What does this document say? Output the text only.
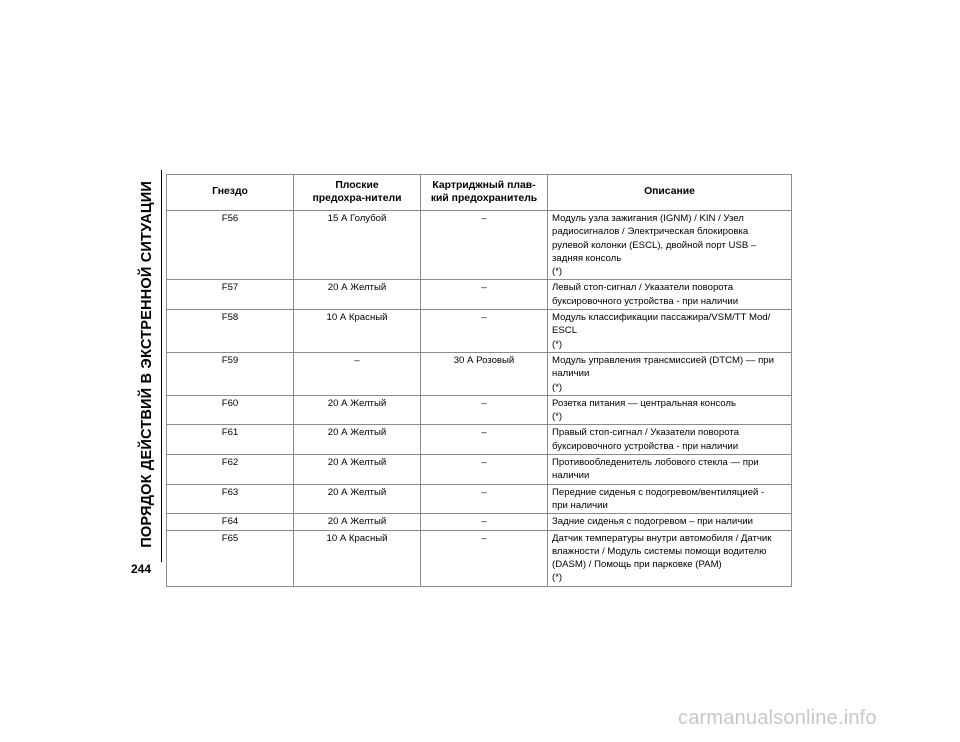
ПОРЯДОК ДЕЙСТВИЙ В ЭКСТРЕННОЙ СИТУАЦИИ
244
Гнездо	Плоские предохра-нители	Картриджный плав-кий предохранитель	Описание
F56	15 А Голубой	–	Модуль узла зажигания (IGNM) / KIN / Узел
радиосигналов / Электрическая блокировка
рулевой колонки (ESCL), двойной порт USB –
задняя консоль
(*)

F57	20 А Желтый	–	Левый стоп-сигнал / Указатели поворота
буксировочного устройства - при наличии

F58	10 А Красный	–	Модуль классификации пассажира/VSM/TT Mod/
ESCL
(*)

F59	–	30 А Розовый	Модуль управления трансмиссией (DTCM) — при
наличии
(*)

F60	20 А Желтый	–	Розетка питания — центральная консоль
(*)

F61	20 А Желтый	–	Правый стоп-сигнал / Указатели поворота
буксировочного устройства - при наличии

F62	20 А Желтый	–	Противообледенитель лобового стекла — при
наличии

F63	20 А Желтый	–	Передние сиденья с подогревом/вентиляцией -
при наличии

F64	20 А Желтый	–	Задние сиденья с подогревом – при наличии

F65	10 А Красный	–	Датчик температуры внутри автомобиля / Датчик
влажности / Модуль системы помощи водителю
(DASM) / Помощь при парковке (PAM)
(*)
carmanualsonline.info
